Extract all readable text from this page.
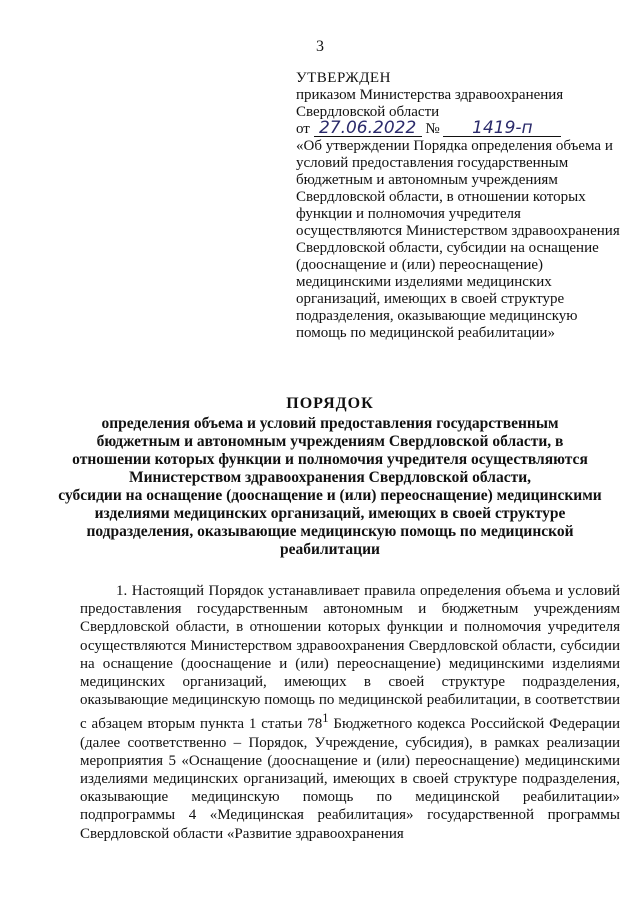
3
УТВЕРЖДЕН
приказом Министерства здравоохранения
Свердловской области
от 27.06.2022 № 1419-п
«Об утверждении Порядка определения объема и условий предоставления государственным бюджетным и автономным учреждениям Свердловской области, в отношении которых функции и полномочия учредителя осуществляются Министерством здравоохранения Свердловской области, субсидии на оснащение (дооснащение и (или) переоснащение) медицинскими изделиями медицинских организаций, имеющих в своей структуре подразделения, оказывающие медицинскую помощь по медицинской реабилитации»
ПОРЯДОК
определения объема и условий предоставления государственным
бюджетным и автономным учреждениям Свердловской области, в
отношении которых функции и полномочия учредителя осуществляются
Министерством здравоохранения Свердловской области,
субсидии на оснащение (дооснащение и (или) переоснащение) медицинскими
изделиями медицинских организаций, имеющих в своей структуре
подразделения, оказывающие медицинскую помощь по медицинской
реабилитации
1. Настоящий Порядок устанавливает правила определения объема и условий предоставления государственным автономным и бюджетным учреждениям Свердловской области, в отношении которых функции и полномочия учредителя осуществляются Министерством здравоохранения Свердловской области, субсидии на оснащение (дооснащение и (или) переоснащение) медицинскими изделиями медицинских организаций, имеющих в своей структуре подразделения, оказывающие медицинскую помощь по медицинской реабилитации, в соответствии с абзацем вторым пункта 1 статьи $78^1$ Бюджетного кодекса Российской Федерации (далее соответственно – Порядок, Учреждение, субсидия), в рамках реализации мероприятия 5 «Оснащение (дооснащение и (или) переоснащение) медицинскими изделиями медицинских организаций, имеющих в своей структуре подразделения, оказывающие медицинскую помощь по медицинской реабилитации» подпрограммы 4 «Медицинская реабилитация» государственной программы Свердловской области «Развитие здравоохранения
